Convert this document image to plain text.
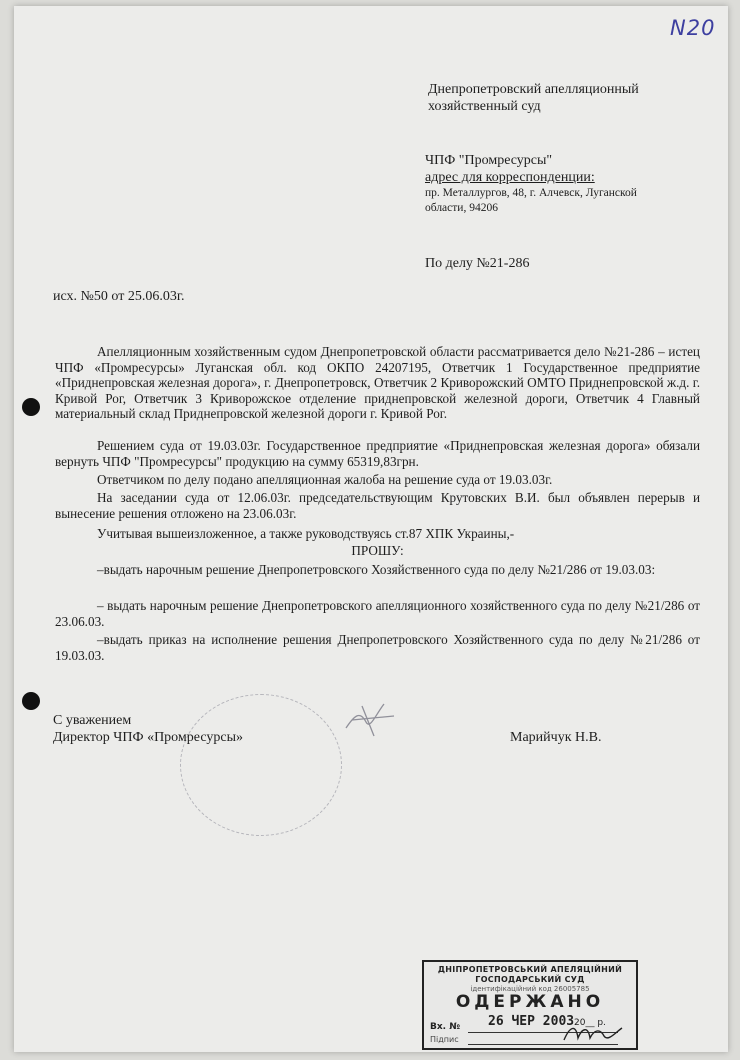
N20
Днепропетровский апелляционный
хозяйственный суд
ЧПФ "Промресурсы"
адрес для корреспонденции:
пр. Металлургов, 48, г. Алчевск, Луганской
области, 94206
По делу №21-286
исх. №50 от 25.06.03г.
Апелляционным хозяйственным судом Днепропетровской области рассматривается дело №21-286 – истец ЧПФ «Промресурсы» Луганская обл. код ОКПО 24207195, Ответчик 1 Государственное предприятие «Приднепровская железная дорога», г. Днепропетровск, Ответчик 2 Криворожский ОМТО Приднепровской ж.д. г. Кривой Рог, Ответчик 3 Криворожское отделение приднепровской железной дороги, Ответчик 4 Главный материальный склад Приднепровской железной дороги г. Кривой Рог.
Решением суда от 19.03.03г. Государственное предприятие «Приднепровская железная дорога» обязали вернуть ЧПФ "Промресурсы" продукцию на сумму 65319,83грн.
Ответчиком по делу подано апелляционная жалоба на решение суда от 19.03.03г.
На заседании суда от 12.06.03г. председательствующим Крутовских В.И. был объявлен перерыв и вынесение решения отложено на 23.06.03г.
Учитывая вышеизложенное, а также руководствуясь ст.87 ХПК Украины,-
ПРОШУ:
–выдать нарочным решение Днепропетровского Хозяйственного суда по делу №21/286 от 19.03.03:
– выдать нарочным решение Днепропетровского апелляционного хозяйственного суда по делу №21/286 от 23.06.03.
–выдать приказ на исполнение решения Днепропетровского Хозяйственного суда по делу №21/286 от 19.03.03.
С уважением
Директор ЧПФ «Промресурсы»	Марийчук Н.В.
ДНІПРОПЕТРОВСЬКИЙ АПЕЛЯЦІЙНИЙ
ГОСПОДАРСЬКИЙ СУД
ідентифікаційний код 26005785
ОДЕРЖАНО
26 ЧЕР 2003 20__ р.
Вх. №
Підпис
